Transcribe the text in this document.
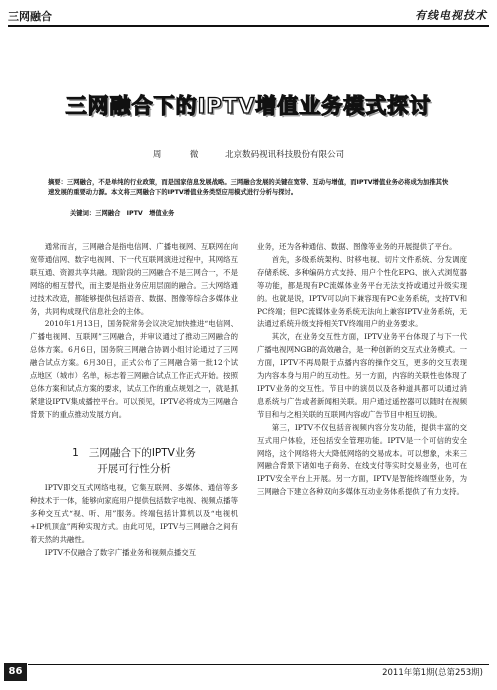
三网融合	有线电视技术
三网融合下的IPTV增值业务模式探讨
周　微 北京数码视讯科技股份有限公司
摘要：三网融合，不是单纯的行业政策，而是国家信息发展战略。三网融合发展的关键在宽带、互动与增值，而IPTV增值业务必将成为加推其快速发展的重要动力源。本文将三网融合下的IPTV增值业务类型应用模式进行分析与探讨。
关键词：三网融合　IPTV　增值业务

通常而言，三网融合是指电信网、广播电视网、互联网在向宽带通信网、数字电视网、下一代互联网演进过程中，其网络互联互通、资源共享共融。现阶段的三网融合不是三网合一，不是网络的相互替代，而主要是指业务应用层面的融合。三大网络通过技术改造，都能够提供包括语音、数据、图像等综合多媒体业务，共同构成现代信息社会的主体。

2010年1月13日，国务院常务会议决定加快推进“电信网、广播电视网、互联网”三网融合，并审议通过了推动三网融合的总体方案。6月6日，国务院三网融合协调小组讨论通过了三网融合试点方案。6月30日，正式公布了三网融合第一批12个试点地区（城市）名单，标志着三网融合试点工作正式开始。按照总体方案和试点方案的要求，试点工作的重点规划之一，就是抓紧建设IPTV集成播控平台。可以预见，IPTV必将成为三网融合背景下的重点推动发展方向。

1 三网融合下的IPTV业务
开展可行性分析

IPTV即交互式网络电视，它集互联网、多媒体、通信等多种技术于一体，能够向家庭用户提供包括数字电视、视频点播等多种交互式“视、听、用”服务。终端包括计算机以及“电视机+IP机顶盒”两种实现方式。由此可见，IPTV与三网融合之间有着天然的共融性。

IPTV不仅融合了数字广播业务和视频点播交互

业务，还为各种通信、数据、图像等业务的开展提供了平台。

首先，多级系统架构、时移电视、切片文件系统、分发调度存储系统、多种编码方式支持、用户个性化EPG、嵌入式浏览器等功能，都是现有PC流媒体业务平台无法支持或通过升级实现的。也就是说，IPTV可以向下兼容现有PC业务系统，支持TV和PC终端；但PC流媒体业务系统无法向上兼容IPTV业务系统，无法通过系统升级支持相关TV终端用户的业务要求。

其次，在业务交互性方面，IPTV业务平台体现了与下一代广播电视网NGB的高效融合，是一种创新的交互式业务模式。一方面，IPTV不再局限于点播内容的操作交互，更多的交互表现为内容本身与用户的互动性。另一方面，内容的关联性也体现了IPTV业务的交互性。节目中的演员以及各种道具都可以通过消息系统与广告或者新闻相关联。用户通过遥控器可以随时在视频节目和与之相关联的互联网内容或广告节目中相互切换。

第三，IPTV不仅包括音视频内容分发功能，提供丰富的交互式用户体验，还包括安全管理功能。IPTV是一个可信的安全网络，这个网络将大大降低网络的交易成本。可以想象，未来三网融合背景下诸如电子商务、在线支付等实时交易业务，也可在IPTV安全平台上开展。另一方面，IPTV是智能终端型业务，为三网融合下建立各种双向多媒体互动业务体系提供了有力支持。

86	2011年第1期(总第253期)
